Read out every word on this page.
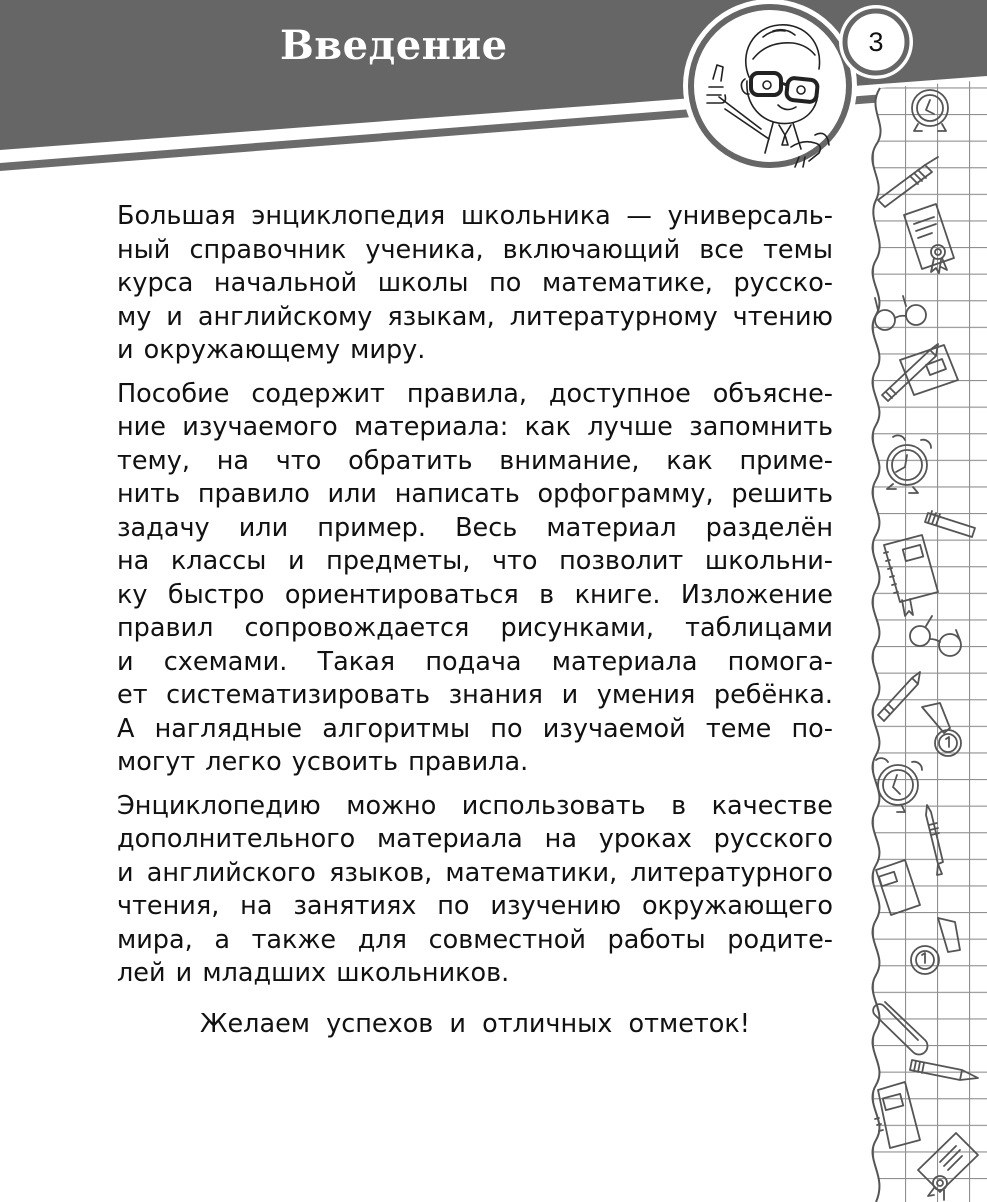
Введение	3

Большая энциклопедия школьника — универсаль-
ный справочник ученика, включающий все темы
курса начальной школы по математике, русско-
му и английскому языкам, литературному чтению
и окружающему миру.

Пособие содержит правила, доступное объясне-
ние изучаемого материала: как лучше запомнить
тему, на что обратить внимание, как приме-
нить правило или написать орфограмму, решить
задачу или пример. Весь материал разделён
на классы и предметы, что позволит школьни-
ку быстро ориентироваться в книге. Изложение
правил сопровождается рисунками, таблицами
и схемами. Такая подача материала помога-
ет систематизировать знания и умения ребёнка.
А наглядные алгоритмы по изучаемой теме по-
могут легко усвоить правила.

Энциклопедию можно использовать в качестве
дополнительного материала на уроках русского
и английского языков, математики, литературного
чтения, на занятиях по изучению окружающего
мира, а также для совместной работы родите-
лей и младших школьников.

Желаем успехов и отличных отметок!
